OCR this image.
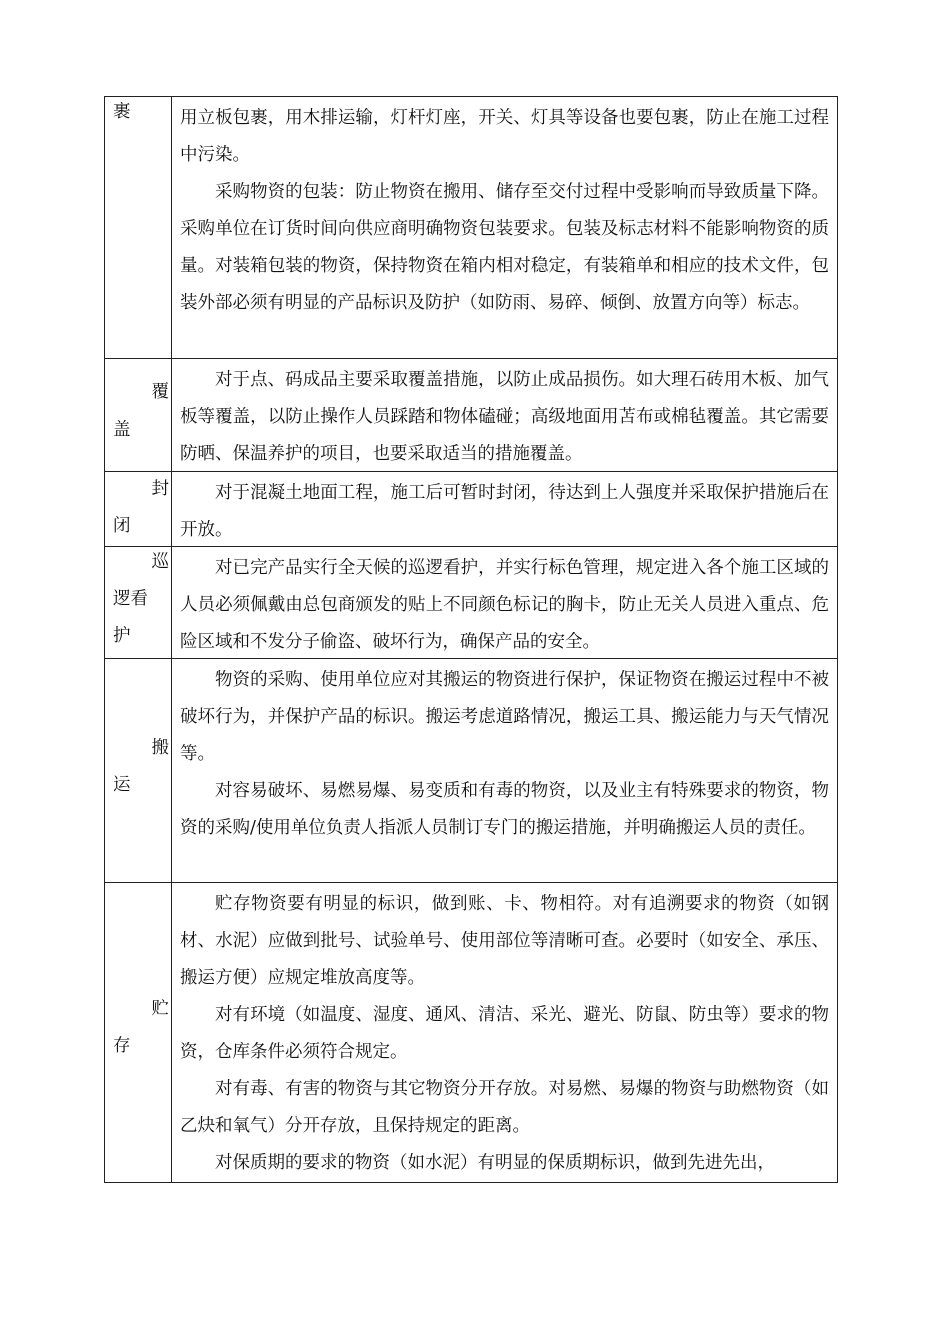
裹	用立板包裹，用木排运输，灯杆灯座，开关、灯具等设备也要包裹，防止在施工过程中污染。

采购物资的包装：防止物资在搬用、储存至交付过程中受影响而导致质量下降。采购单位在订货时间向供应商明确物资包装要求。包装及标志材料不能影响物资的质量。对装箱包装的物资，保持物资在箱内相对稳定，有装箱单和相应的技术文件，包装外部必须有明显的产品标识及防护（如防雨、易碎、倾倒、放置方向等）标志。

覆
盖

对于点、码成品主要采取覆盖措施，以防止成品损伤。如大理石砖用木板、加气板等覆盖，以防止操作人员踩踏和物体磕碰；高级地面用苫布或棉毡覆盖。其它需要防晒、保温养护的项目，也要采取适当的措施覆盖。

封
闭

对于混凝土地面工程，施工后可暂时封闭，待达到上人强度并采取保护措施后在开放。

巡
逻看
护

对已完产品实行全天候的巡逻看护，并实行标色管理，规定进入各个施工区域的人员必须佩戴由总包商颁发的贴上不同颜色标记的胸卡，防止无关人员进入重点、危险区域和不发分子偷盗、破坏行为，确保产品的安全。

搬
运

物资的采购、使用单位应对其搬运的物资进行保护，保证物资在搬运过程中不被破坏行为，并保护产品的标识。搬运考虑道路情况，搬运工具、搬运能力与天气情况等。

对容易破坏、易燃易爆、易变质和有毒的物资，以及业主有特殊要求的物资，物资的采购/使用单位负责人指派人员制订专门的搬运措施，并明确搬运人员的责任。

贮
存

贮存物资要有明显的标识，做到账、卡、物相符。对有追溯要求的物资（如钢材、水泥）应做到批号、试验单号、使用部位等清晰可查。必要时（如安全、承压、搬运方便）应规定堆放高度等。

对有环境（如温度、湿度、通风、清洁、采光、避光、防鼠、防虫等）要求的物资，仓库条件必须符合规定。

对有毒、有害的物资与其它物资分开存放。对易燃、易爆的物资与助燃物资（如乙炔和氧气）分开存放，且保持规定的距离。

对保质期的要求的物资（如水泥）有明显的保质期标识，做到先进先出，
